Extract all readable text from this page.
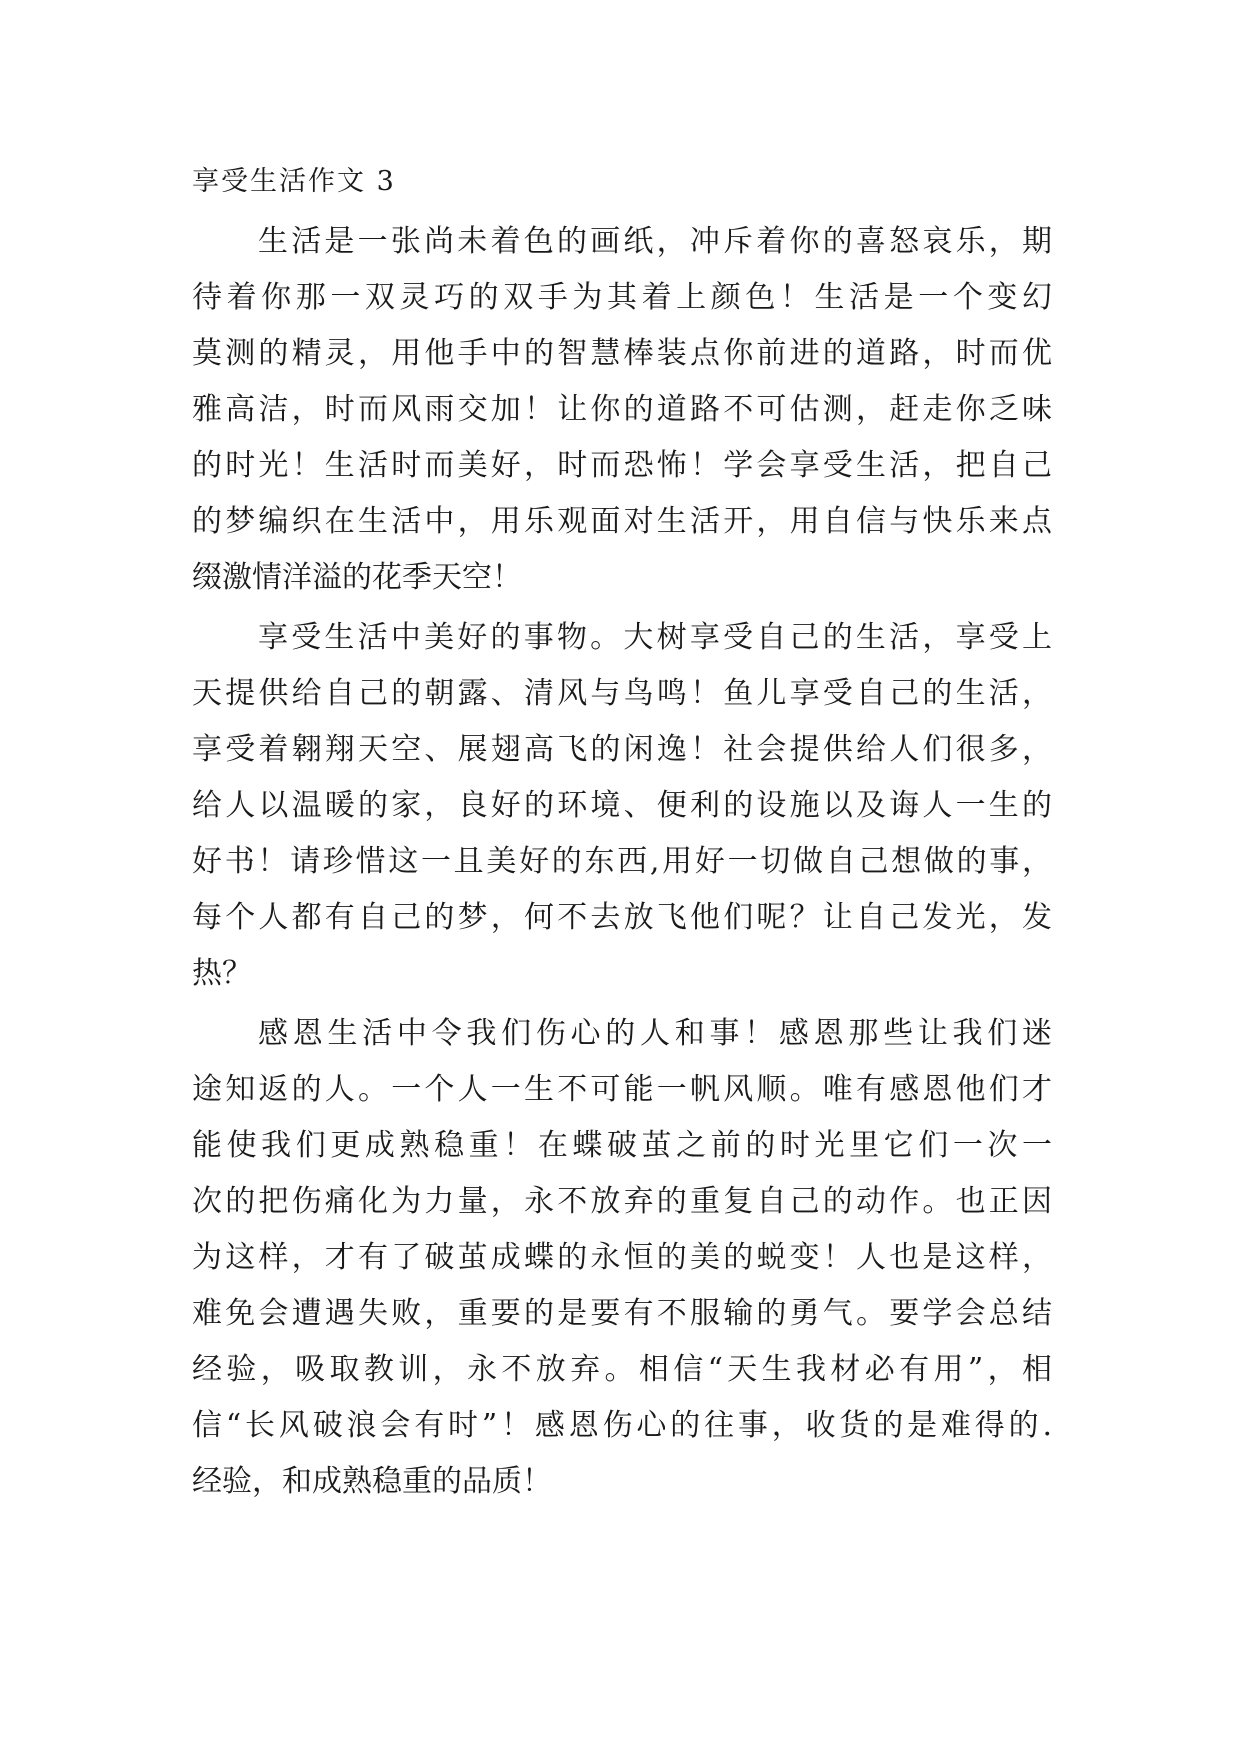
享受生活作文 3
生活是一张尚未着色的画纸，冲斥着你的喜怒哀乐，期
待着你那一双灵巧的双手为其着上颜色！生活是一个变幻
莫测的精灵，用他手中的智慧棒装点你前进的道路，时而优
雅高洁，时而风雨交加！让你的道路不可估测，赶走你乏味
的时光！生活时而美好，时而恐怖！学会享受生活，把自己
的梦编织在生活中，用乐观面对生活开，用自信与快乐来点
缀激情洋溢的花季天空！
享受生活中美好的事物。大树享受自己的生活，享受上
天提供给自己的朝露、清风与鸟鸣！鱼儿享受自己的生活，
享受着翱翔天空、展翅高飞的闲逸！社会提供给人们很多，
给人以温暖的家，良好的环境、便利的设施以及诲人一生的
好书！请珍惜这一且美好的东西,用好一切做自己想做的事，
每个人都有自己的梦，何不去放飞他们呢？让自己发光，发
热？
感恩生活中令我们伤心的人和事！感恩那些让我们迷
途知返的人。一个人一生不可能一帆风顺。唯有感恩他们才
能使我们更成熟稳重！在蝶破茧之前的时光里它们一次一
次的把伤痛化为力量，永不放弃的重复自己的动作。也正因
为这样，才有了破茧成蝶的永恒的美的蜕变！人也是这样，
难免会遭遇失败，重要的是要有不服输的勇气。要学会总结
经验，吸取教训，永不放弃。相信“天生我材必有用”，相
信“长风破浪会有时”！感恩伤心的往事，收货的是难得的.
经验，和成熟稳重的品质！
